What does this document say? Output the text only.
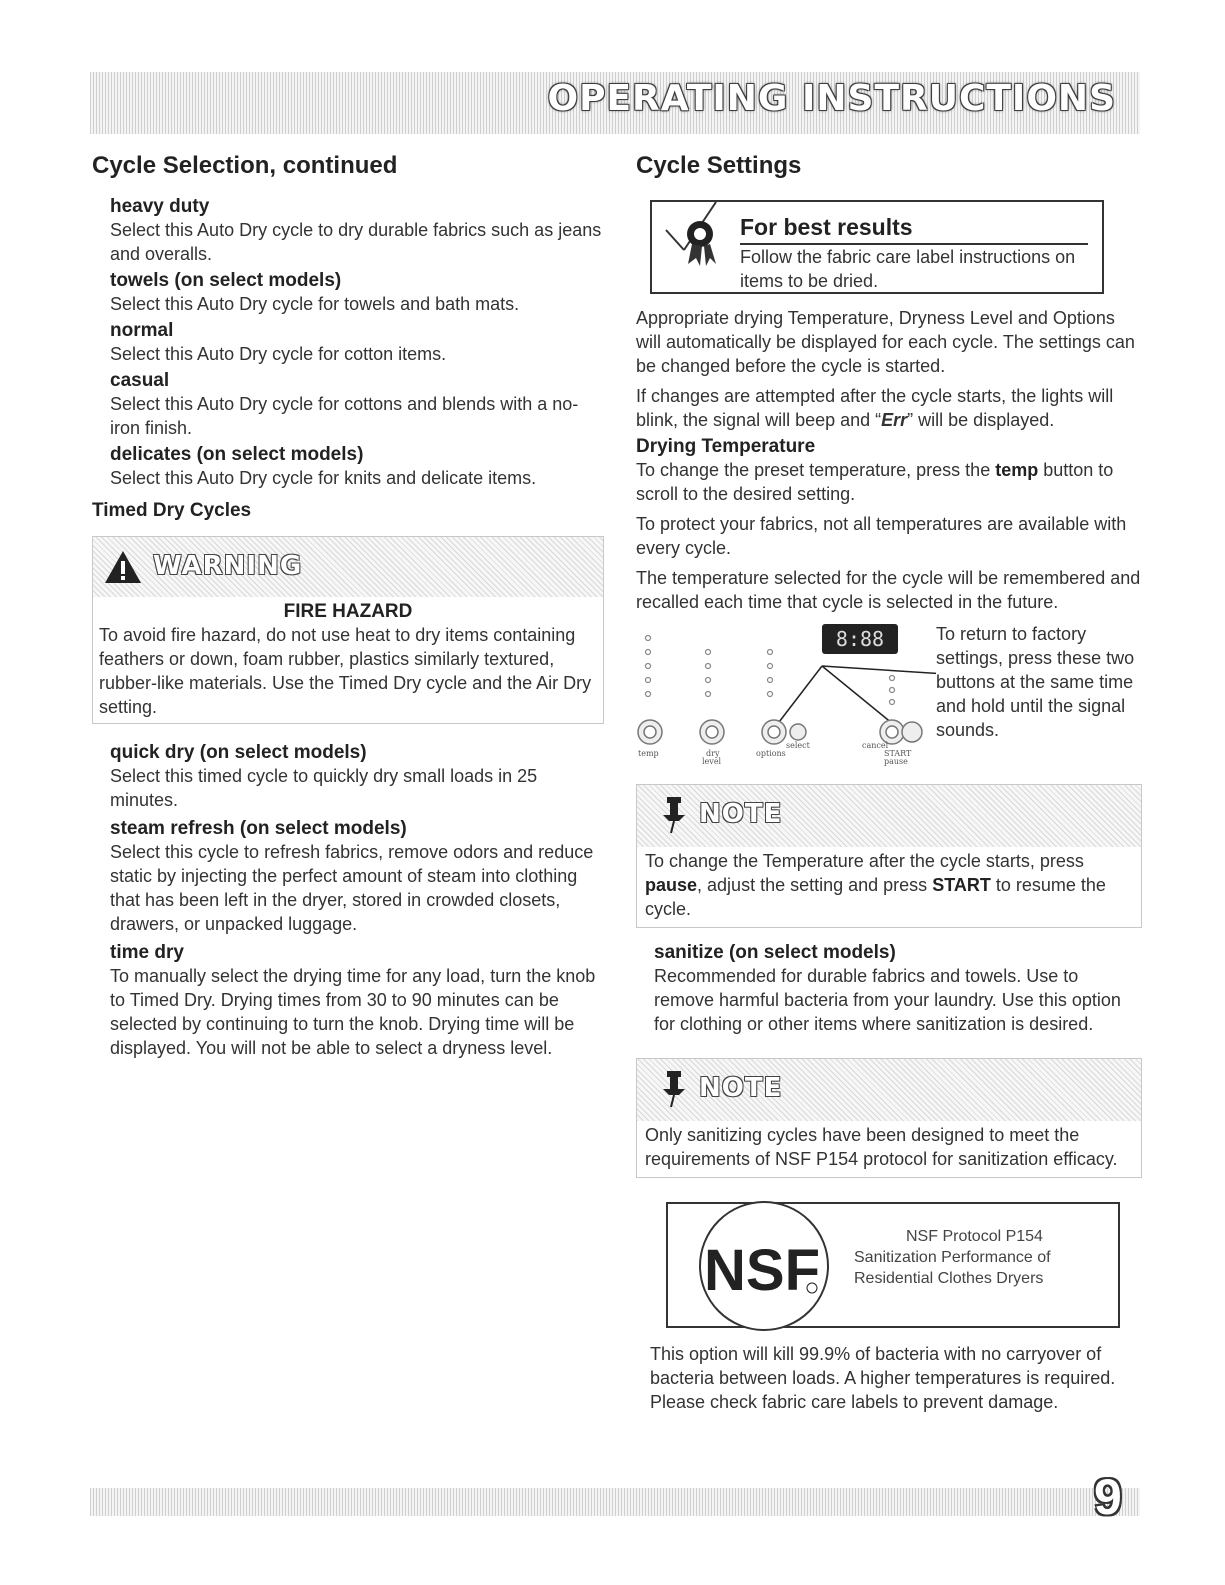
OPERATING INSTRUCTIONS
Cycle Selection, continued
heavy duty

Select this Auto Dry cycle to dry durable fabrics such as jeans and overalls.

towels (on select models)

Select this Auto Dry cycle for towels and bath mats.

normal

Select this Auto Dry cycle for cotton items.

casual

Select this Auto Dry cycle for cottons and blends with a no-iron finish.

delicates (on select models)

Select this Auto Dry cycle for knits and delicate items.

Timed Dry Cycles
WARNING
FIRE HAZARD

To avoid fire hazard, do not use heat to dry items containing feathers or down, foam rubber, plastics similarly textured, rubber-like materials. Use the Timed Dry cycle and the Air Dry setting.

quick dry (on select models)

Select this timed cycle to quickly dry small loads in 25 minutes.

steam refresh (on select models)

Select this cycle to refresh fabrics, remove odors and reduce static by injecting the perfect amount of steam into clothing that has been left in the dryer, stored in crowded closets, drawers, or unpacked luggage.

time dry

To manually select the drying time for any load, turn the knob to Timed Dry. Drying times from 30 to 90 minutes can be selected by continuing to turn the knob. Drying time will be displayed. You will not be able to select a dryness level.

Cycle Settings
For best results

Follow the fabric care label instructions on items to be dried.

Appropriate drying Temperature, Dryness Level and Options will automatically be displayed for each cycle. The settings can be changed before the cycle is started.

If changes are attempted after the cycle starts, the lights will blink, the signal will beep and “Err” will be displayed.

Drying Temperature

To change the preset temperature, press the temp button to scroll to the desired setting.

To protect your fabrics, not all temperatures are available with every cycle.

The temperature selected for the cycle will be remembered and recalled each time that cycle is selected in the future.

8:88
temp	dry
level
options
select	cancel
START
pause

To return to factory settings, press these two buttons at the same time and hold until the signal sounds.

NOTE

To change the Temperature after the cycle starts, press pause, adjust the setting and press START to resume the cycle.

sanitize (on select models)

Recommended for durable fabrics and towels. Use to remove harmful bacteria from your laundry. Use this option for clothing or other items where sanitization is desired.

NOTE

Only sanitizing cycles have been designed to meet the requirements of NSF P154 protocol for sanitization efficacy.

NSF
NSF Protocol P154
Sanitization Performance of
Residential Clothes Dryers

This option will kill 99.9% of bacteria with no carryover of bacteria between loads. A higher temperatures is required. Please check fabric care labels to prevent damage.

9
